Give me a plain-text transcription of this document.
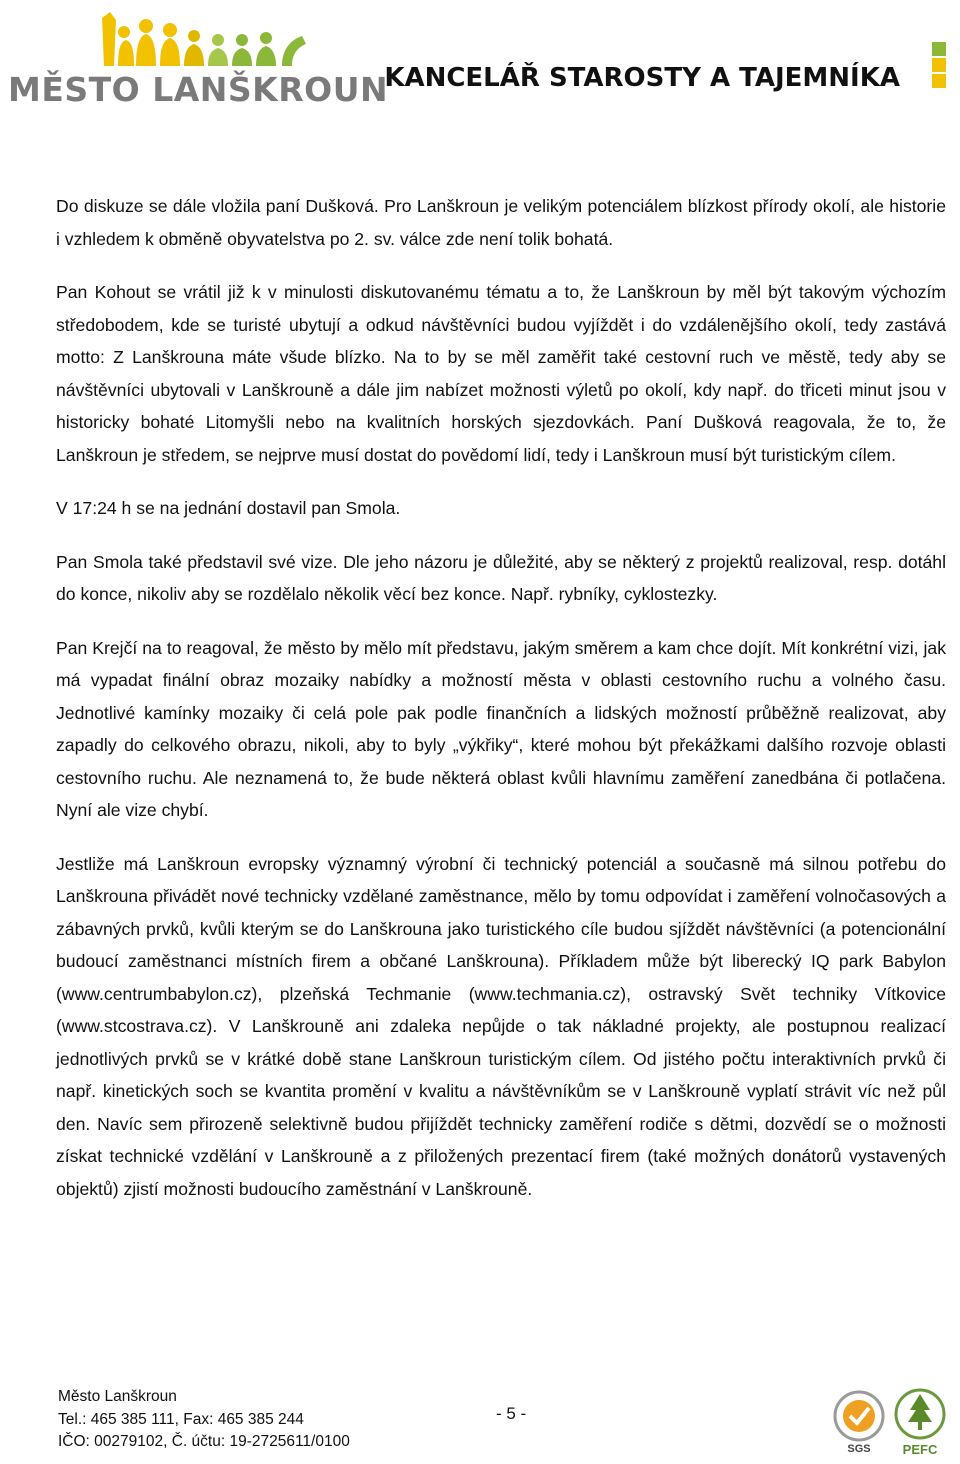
MĚSTO LANŠKROUN
KANCELÁŘ STAROSTY A TAJEMNÍKA

Do diskuze se dále vložila paní Dušková. Pro Lanškroun je velikým potenciálem blízkost přírody okolí, ale historie i vzhledem k obměně obyvatelstva po 2. sv. válce zde není tolik bohatá.

Pan Kohout se vrátil již k v minulosti diskutovanému tématu a to, že Lanškroun by měl být takovým výchozím středobodem, kde se turisté ubytují a odkud návštěvníci budou vyjíždět i do vzdálenějšího okolí, tedy zastává motto: Z Lanškrouna máte všude blízko. Na to by se měl zaměřit také cestovní ruch ve městě, tedy aby se návštěvníci ubytovali v Lanškrouně a dále jim nabízet možnosti výletů po okolí, kdy např. do třiceti minut jsou v historicky bohaté Litomyšli nebo na kvalitních horských sjezdovkách. Paní Dušková reagovala, že to, že Lanškroun je středem, se nejprve musí dostat do povědomí lidí, tedy i Lanškroun musí být turistickým cílem.

V 17:24 h se na jednání dostavil pan Smola.

Pan Smola také představil své vize. Dle jeho názoru je důležité, aby se některý z projektů realizoval, resp. dotáhl do konce, nikoliv aby se rozdělalo několik věcí bez konce. Např. rybníky, cyklostezky.

Pan Krejčí na to reagoval, že město by mělo mít představu, jakým směrem a kam chce dojít. Mít konkrétní vizi, jak má vypadat finální obraz mozaiky nabídky a možností města v oblasti cestovního ruchu a volného času. Jednotlivé kamínky mozaiky či celá pole pak podle finančních a lidských možností průběžně realizovat, aby zapadly do celkového obrazu, nikoli, aby to byly „výkřiky“, které mohou být překážkami dalšího rozvoje oblasti cestovního ruchu. Ale neznamená to, že bude některá oblast kvůli hlavnímu zaměření zanedbána či potlačena. Nyní ale vize chybí.

Jestliže má Lanškroun evropsky významný výrobní či technický potenciál a současně má silnou potřebu do Lanškrouna přivádět nové technicky vzdělané zaměstnance, mělo by tomu odpovídat i zaměření volnočasových a zábavných prvků, kvůli kterým se do Lanškrouna jako turistického cíle budou sjíždět návštěvníci (a potencionální budoucí zaměstnanci místních firem a občané Lanškrouna). Příkladem může být liberecký IQ park Babylon (www.centrumbabylon.cz), plzeňská Techmanie (www.techmania.cz), ostravský Svět techniky Vítkovice (www.stcostrava.cz). V Lanškrouně ani zdaleka nepůjde o tak nákladné projekty, ale postupnou realizací jednotlivých prvků se v krátké době stane Lanškroun turistickým cílem. Od jistého počtu interaktivních prvků či např. kinetických soch se kvantita promění v kvalitu a návštěvníkům se v Lanškrouně vyplatí strávit víc než půl den. Navíc sem přirozeně selektivně budou přijíždět technicky zaměření rodiče s dětmi, dozvědí se o možnosti získat technické vzdělání v Lanškrouně a z přiložených prezentací firem (také možných donátorů vystavených objektů) zjistí možnosti budoucího zaměstnání v Lanškrouně.

Město Lanškroun
Tel.: 465 385 111, Fax: 465 385 244
IČO: 00279102, Č. účtu: 19-2725611/0100
- 5 -
SGS PEFC
